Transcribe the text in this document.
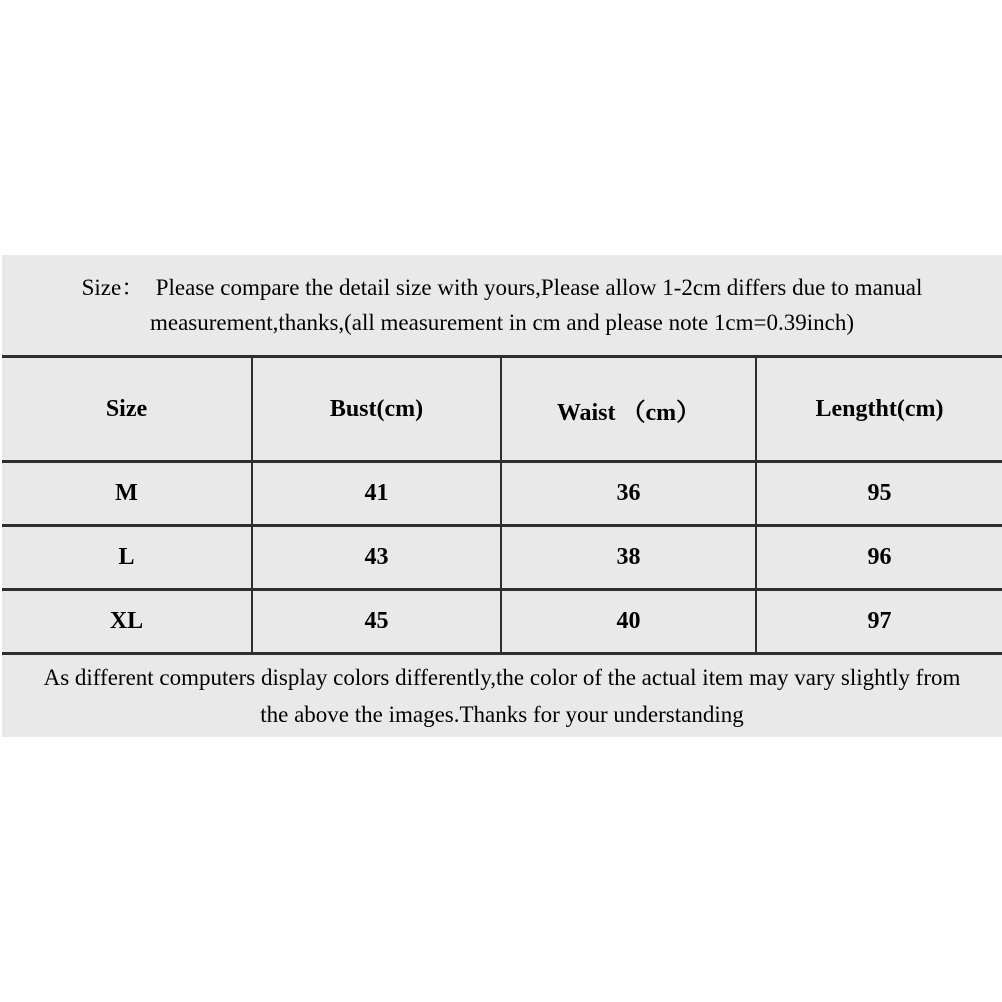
Size：  Please compare the detail size with yours,Please allow 1-2cm differs due to manual
measurement,thanks,(all measurement in cm and please note 1cm=0.39inch)
Size	Bust(cm)	Waist （cm）	Lengtht(cm)
M	41	36	95
L	43	38	96
XL	45	40	97
As different computers display colors differently,the color of the actual item may vary slightly from
the above the images.Thanks for your understanding
